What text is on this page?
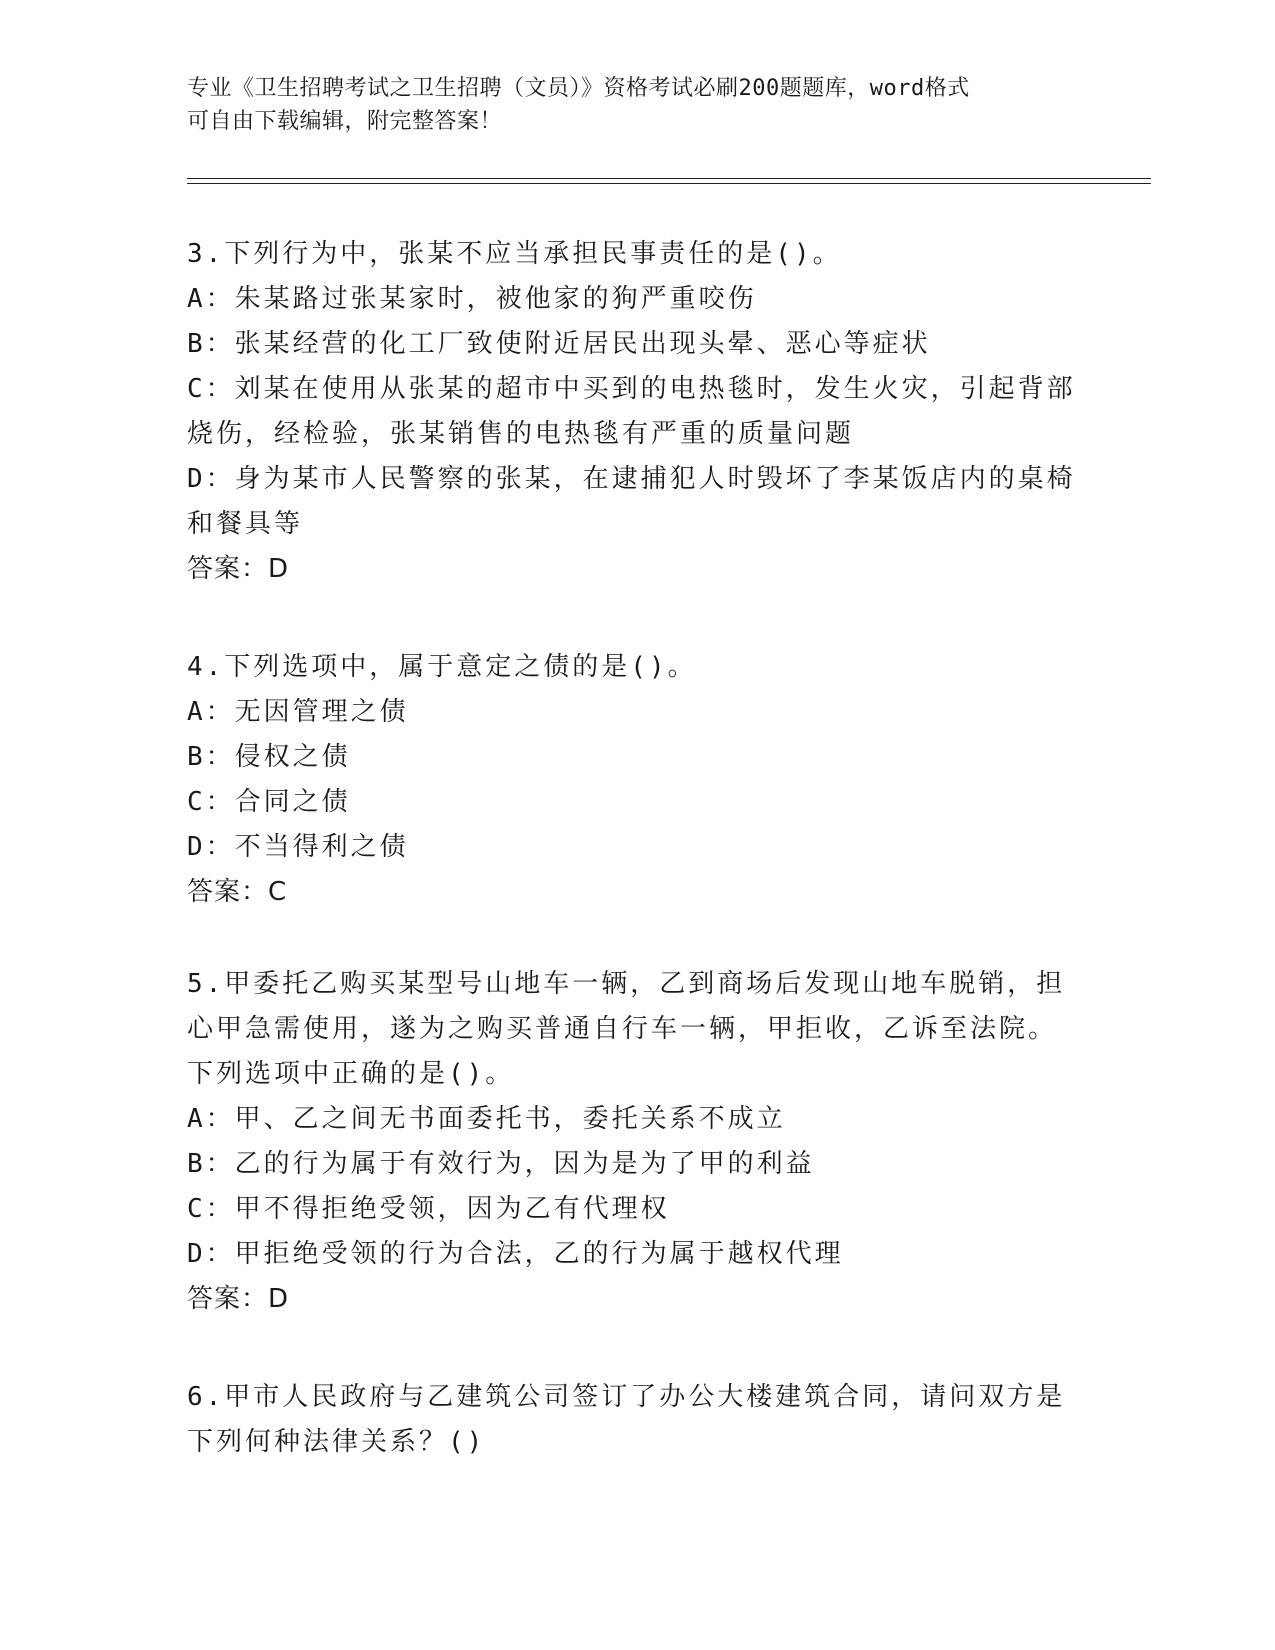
专业《卫生招聘考试之卫生招聘（文员）》资格考试必刷200题题库，word格式
可自由下载编辑，附完整答案！
3.下列行为中，张某不应当承担民事责任的是()。
A：朱某路过张某家时，被他家的狗严重咬伤
B：张某经营的化工厂致使附近居民出现头晕、恶心等症状
C：刘某在使用从张某的超市中买到的电热毯时，发生火灾，引起背部
烧伤，经检验，张某销售的电热毯有严重的质量问题
D：身为某市人民警察的张某，在逮捕犯人时毁坏了李某饭店内的桌椅
和餐具等
答案：D
4.下列选项中，属于意定之债的是()。
A：无因管理之债
B：侵权之债
C：合同之债
D：不当得利之债
答案：C
5.甲委托乙购买某型号山地车一辆，乙到商场后发现山地车脱销，担
心甲急需使用，遂为之购买普通自行车一辆，甲拒收，乙诉至法院。
下列选项中正确的是()。
A：甲、乙之间无书面委托书，委托关系不成立
B：乙的行为属于有效行为，因为是为了甲的利益
C：甲不得拒绝受领，因为乙有代理权
D：甲拒绝受领的行为合法，乙的行为属于越权代理
答案：D
6.甲市人民政府与乙建筑公司签订了办公大楼建筑合同，请问双方是
下列何种法律关系？()
